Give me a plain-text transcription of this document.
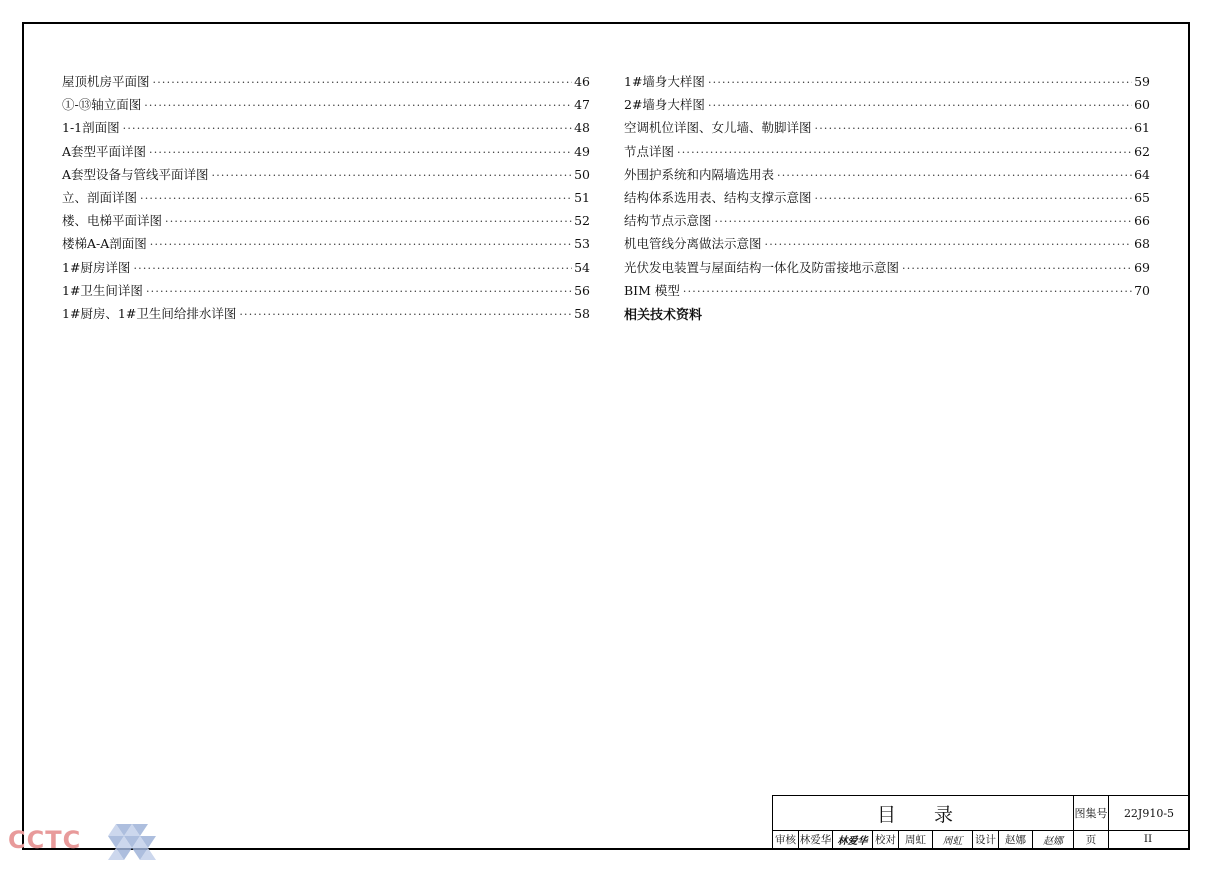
屋顶机房平面图 ·····	46
①-⑬轴立面图 ·····	47
1-1剖面图 ·····	48
A套型平面详图 ·····	49
A套型设备与管线平面详图 ·····	50
立、剖面详图 ·····	51
楼、电梯平面详图 ·····	52
楼梯A-A剖面图 ·····	53
1#厨房详图 ·····	54
1#卫生间详图 ·····	56
1#厨房、1#卫生间给排水详图 ·····	58
1#墙身大样图 ·····	59
2#墙身大样图 ·····	60
空调机位详图、女儿墙、勒脚详图 ·····	61
节点详图 ·····	62
外围护系统和内隔墙选用表 ·····	64
结构体系选用表、结构支撑示意图 ·····	65
结构节点示意图 ·····	66
机电管线分离做法示意图 ·····	68
光伏发电装置与屋面结构一体化及防雷接地示意图 ·····	69
BIM 模型 ·····	70
相关技术资料
目 录	图集号	22J910-5
审核 林爱华 林爱华 校对 周虹	周虹	设计 赵娜	赵娜	页	II
CCTC
